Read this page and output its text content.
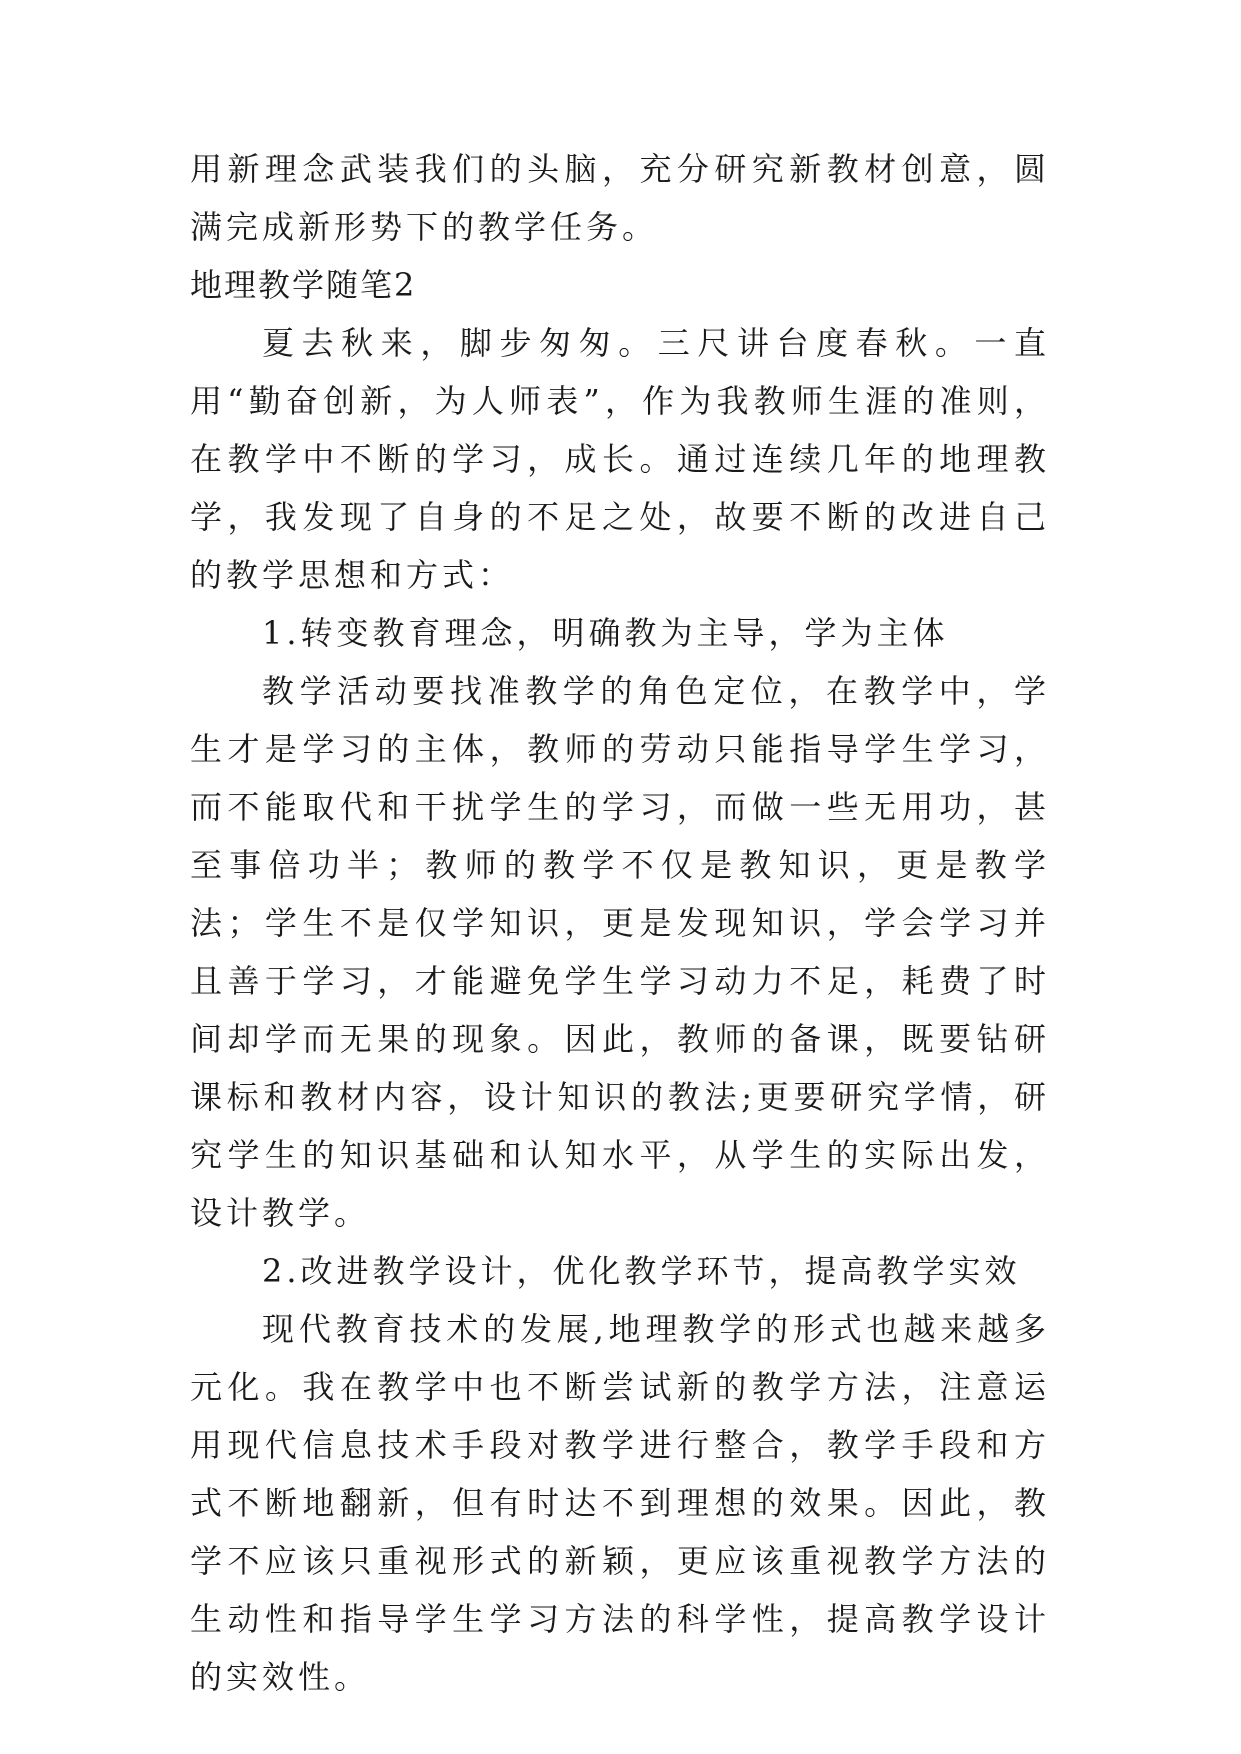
用新理念武装我们的头脑，充分研究新教材创意，圆满完成新形势下的教学任务。

地理教学随笔2

夏去秋来，脚步匆匆。三尺讲台度春秋。一直用“勤奋创新，为人师表”，作为我教师生涯的准则，在教学中不断的学习，成长。通过连续几年的地理教学，我发现了自身的不足之处，故要不断的改进自己的教学思想和方式：

1.转变教育理念，明确教为主导，学为主体

教学活动要找准教学的角色定位，在教学中，学生才是学习的主体，教师的劳动只能指导学生学习，而不能取代和干扰学生的学习，而做一些无用功，甚至事倍功半；教师的教学不仅是教知识，更是教学法；学生不是仅学知识，更是发现知识，学会学习并且善于学习，才能避免学生学习动力不足，耗费了时间却学而无果的现象。因此，教师的备课，既要钻研课标和教材内容，设计知识的教法;更要研究学情，研究学生的知识基础和认知水平，从学生的实际出发，设计教学。

2.改进教学设计，优化教学环节，提高教学实效

现代教育技术的发展,地理教学的形式也越来越多元化。我在教学中也不断尝试新的教学方法，注意运用现代信息技术手段对教学进行整合，教学手段和方式不断地翻新，但有时达不到理想的效果。因此，教学不应该只重视形式的新颖，更应该重视教学方法的生动性和指导学生学习方法的科学性，提高教学设计的实效性。
